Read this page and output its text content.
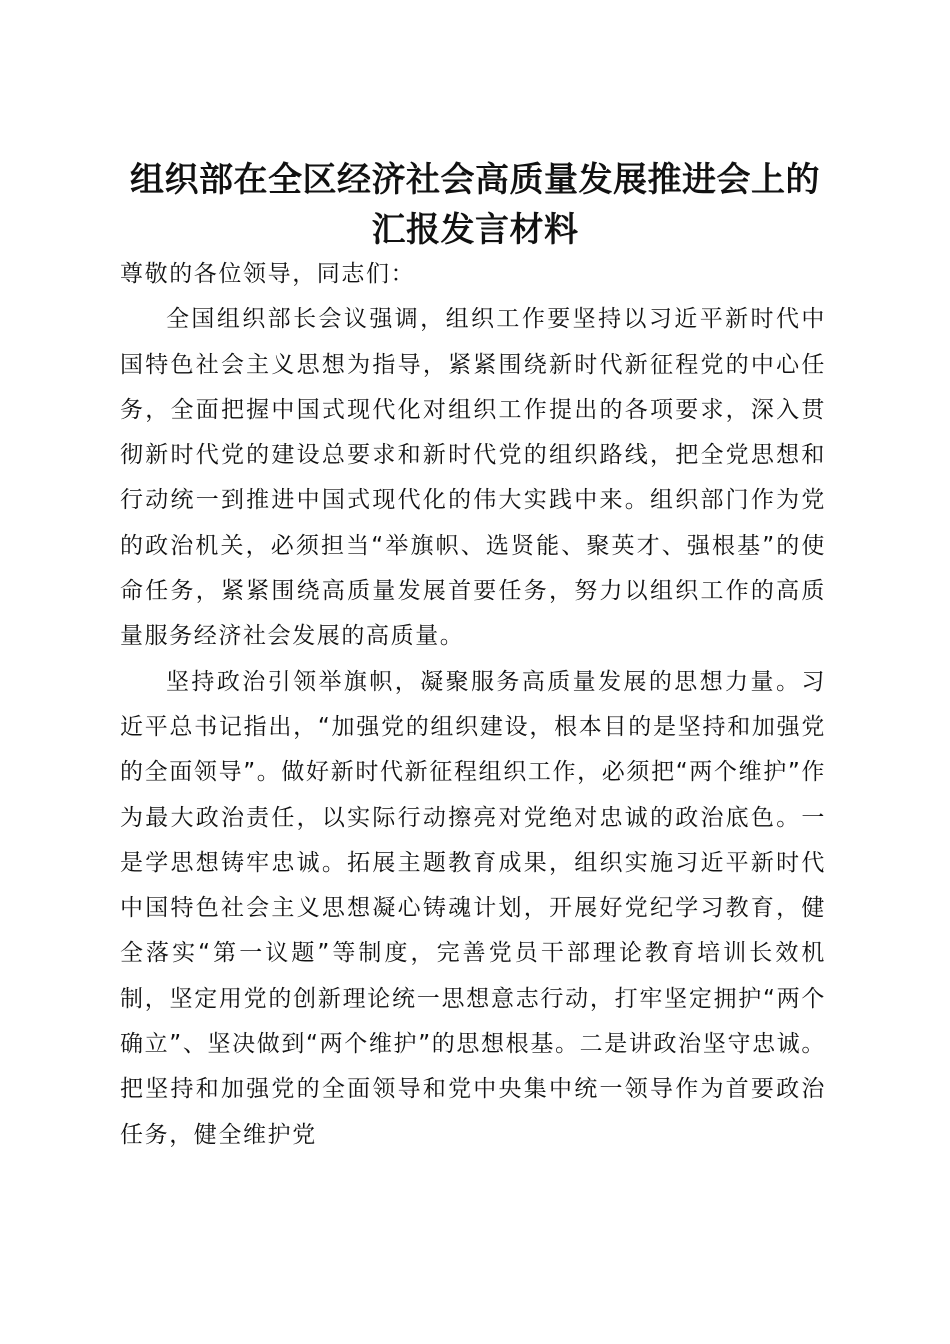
组织部在全区经济社会高质量发展推进会上的
汇报发言材料

尊敬的各位领导，同志们：

全国组织部长会议强调，组织工作要坚持以习近平新时代中国特色社会主义思想为指导，紧紧围绕新时代新征程党的中心任务，全面把握中国式现代化对组织工作提出的各项要求，深入贯彻新时代党的建设总要求和新时代党的组织路线，把全党思想和行动统一到推进中国式现代化的伟大实践中来。组织部门作为党的政治机关，必须担当“举旗帜、选贤能、聚英才、强根基”的使命任务，紧紧围绕高质量发展首要任务，努力以组织工作的高质量服务经济社会发展的高质量。

坚持政治引领举旗帜，凝聚服务高质量发展的思想力量。习近平总书记指出，“加强党的组织建设，根本目的是坚持和加强党的全面领导”。做好新时代新征程组织工作，必须把“两个维护”作为最大政治责任，以实际行动擦亮对党绝对忠诚的政治底色。一是学思想铸牢忠诚。拓展主题教育成果，组织实施习近平新时代中国特色社会主义思想凝心铸魂计划，开展好党纪学习教育，健全落实“第一议题”等制度，完善党员干部理论教育培训长效机制，坚定用党的创新理论统一思想意志行动，打牢坚定拥护“两个确立”、坚决做到“两个维护”的思想根基。二是讲政治坚守忠诚。把坚持和加强党的全面领导和党中央集中统一领导作为首要政治任务，健全维护党
